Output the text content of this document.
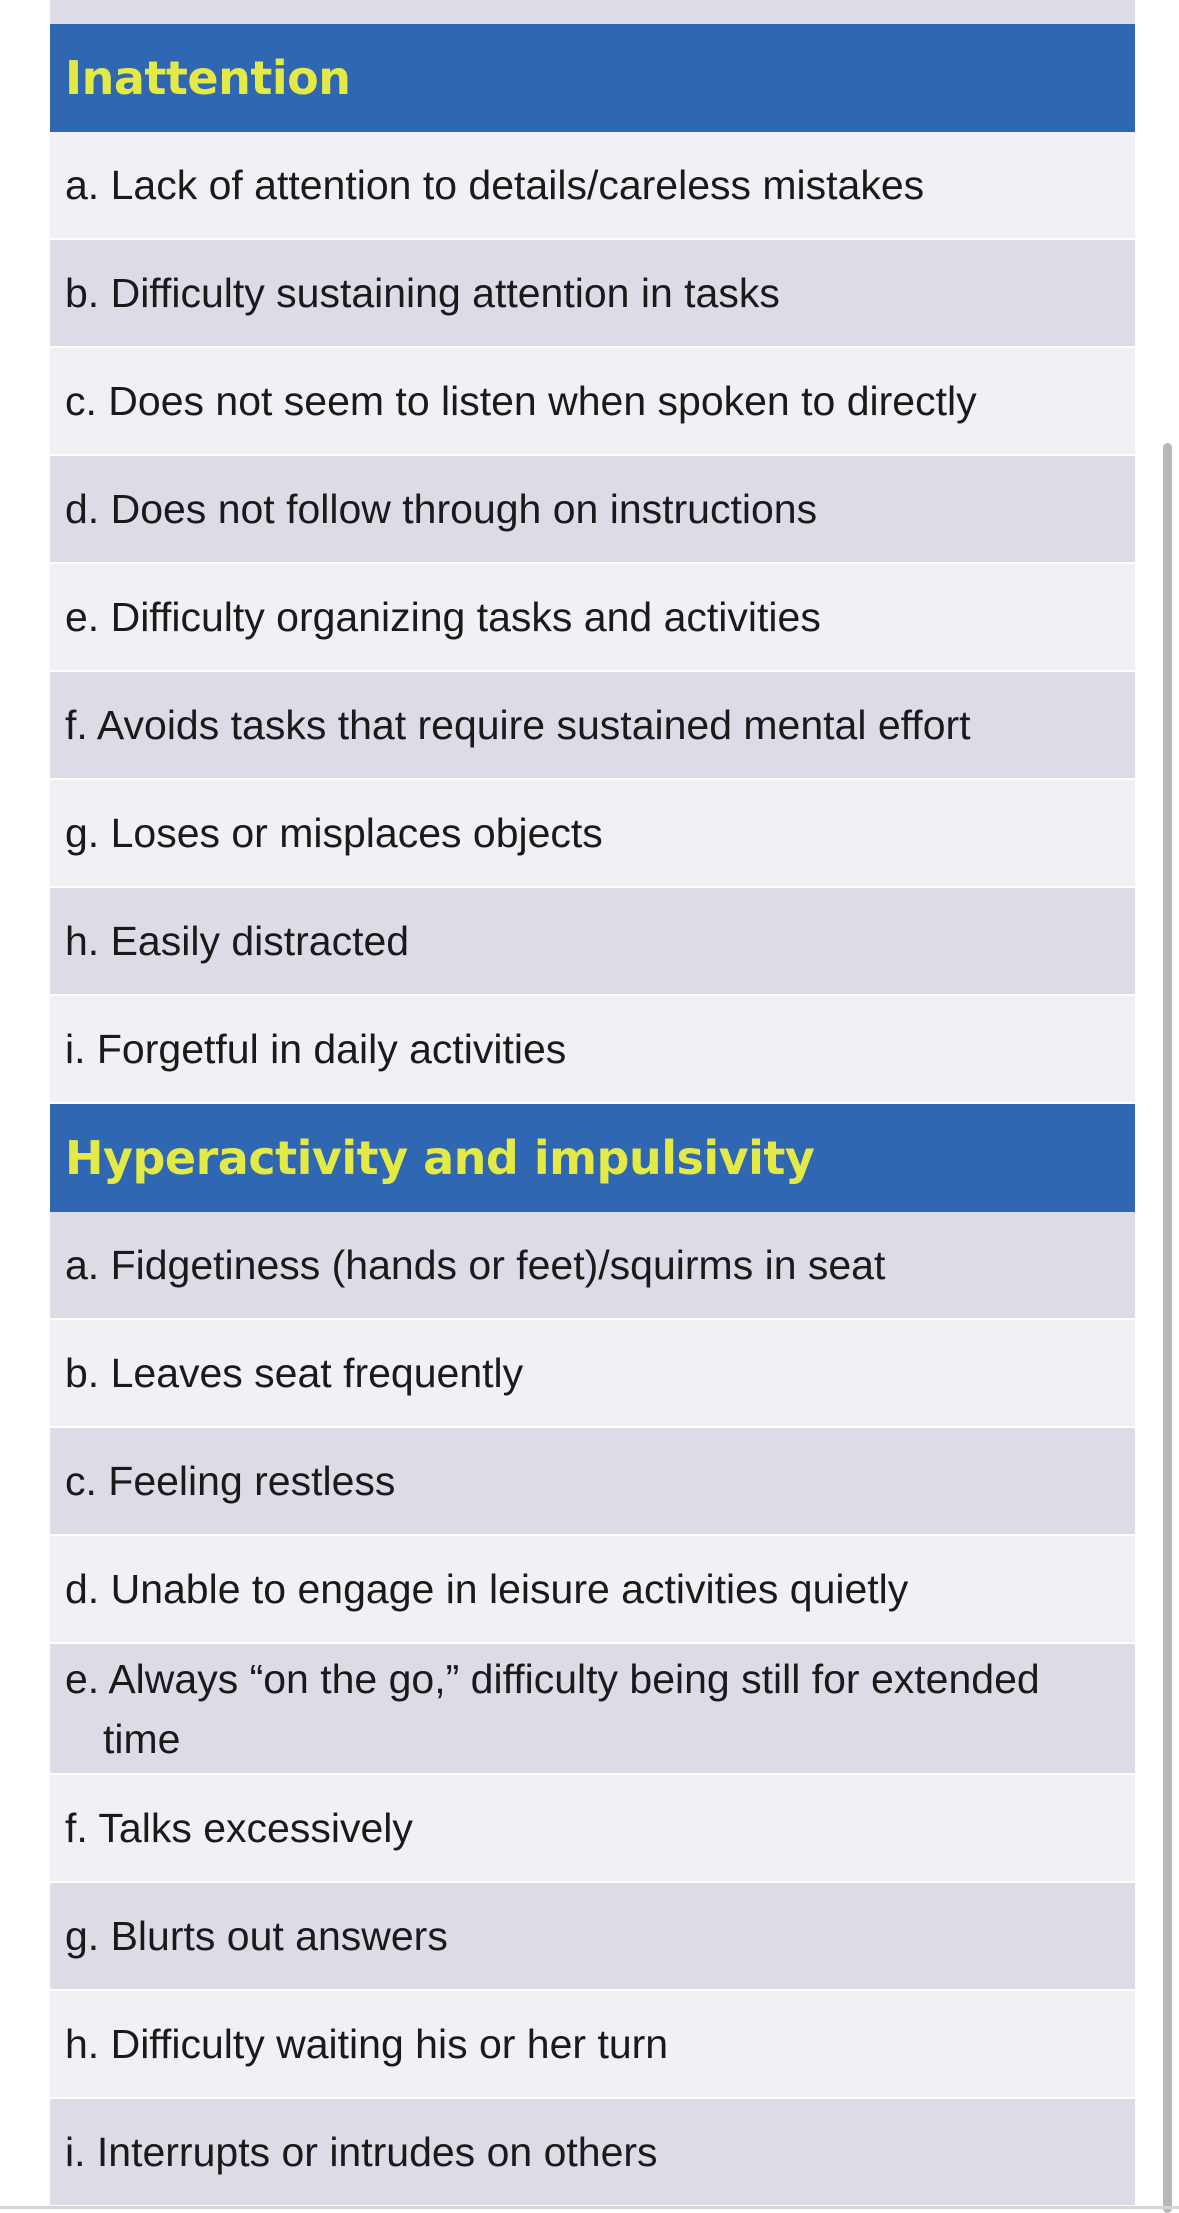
Inattention
a. Lack of attention to details/careless mistakes
b. Difficulty sustaining attention in tasks
c. Does not seem to listen when spoken to directly
d. Does not follow through on instructions
e. Difficulty organizing tasks and activities
f. Avoids tasks that require sustained mental effort
g. Loses or misplaces objects
h. Easily distracted
i. Forgetful in daily activities
Hyperactivity and impulsivity
a. Fidgetiness (hands or feet)/squirms in seat
b. Leaves seat frequently
c. Feeling restless
d. Unable to engage in leisure activities quietly
e. Always “on the go,” difficulty being still for extended time
f. Talks excessively
g. Blurts out answers
h. Difficulty waiting his or her turn
i. Interrupts or intrudes on others
